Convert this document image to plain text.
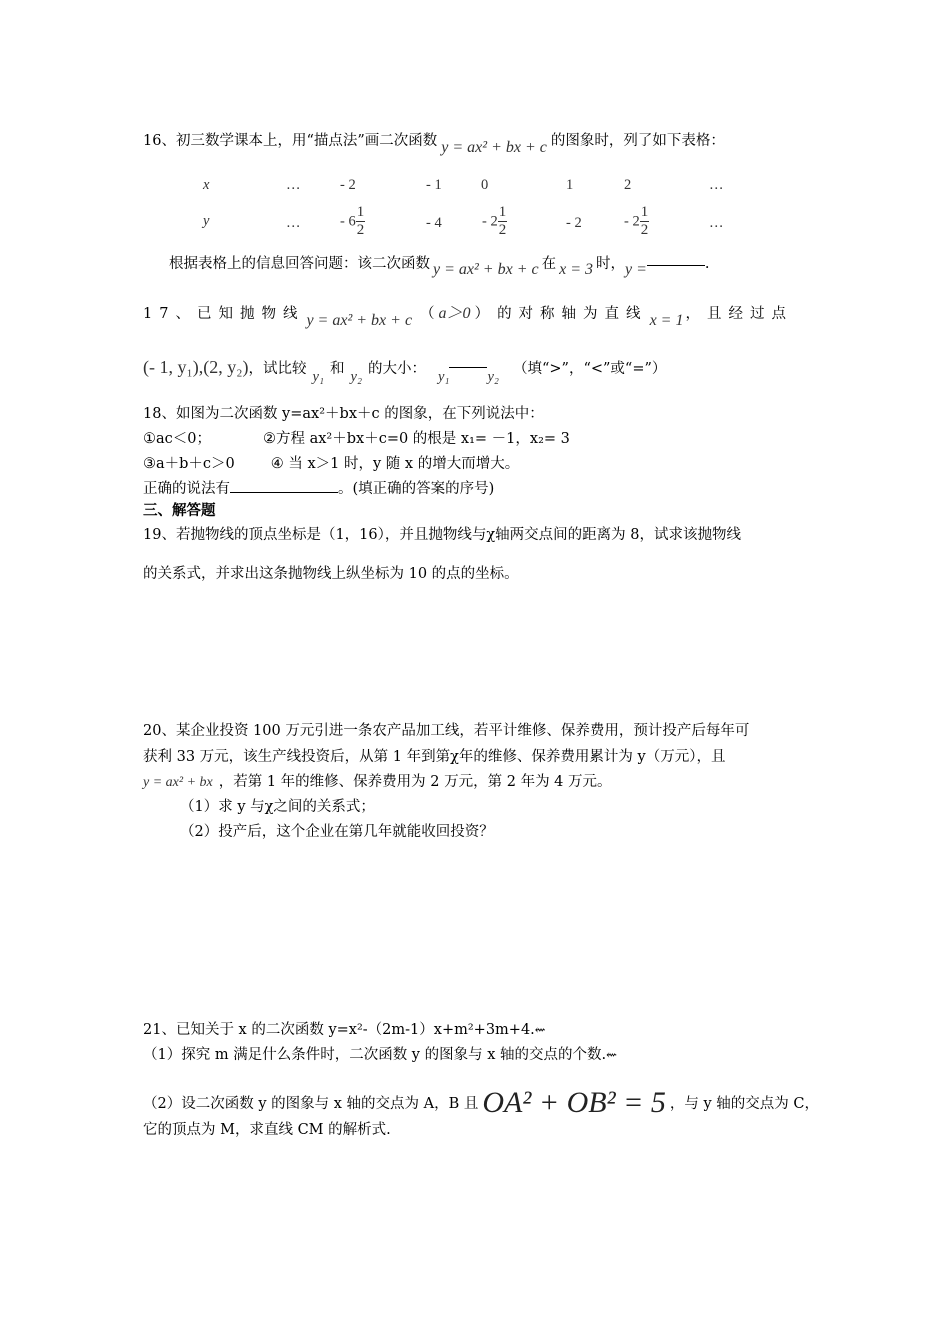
16、初三数学课本上，用“描点法”画二次函数 y = ax² + bx + c 的图象时，列了如下表格：
x	…	- 2	- 1	0	1	2	…
y	…	- $6 \frac{1}{2}$	- 4	- $2 \frac{1}{2}$	- 2	- $2 \frac{1}{2}$	…
根据表格上的信息回答问题：该二次函数 y = ax² + bx + c 在 x = 3 时，y =	.
17、已知抛物线 y = ax² + bx + c （ a＞0 ） 的对称轴为直线 x = 1 ，且经过点
(- 1, y₁),(2, y₂)，试比较 y₁ 和 y₂ 的大小： y₁	y₂ （填“>”，“<”或“=”）
18、如图为二次函数 y=ax²＋bx＋c 的图象，在下列说法中：
①ac＜0；	②方程 ax²＋bx＋c=0 的根是 x₁= －1，x₂= 3
③a＋b＋c＞0 ④ 当 x＞1 时，y 随 x 的增大而增大。
正确的说法有	。(填正确的答案的序号)
三、解答题
19、若抛物线的顶点坐标是（1，16），并且抛物线与χ轴两交点间的距离为 8，试求该抛物线
的关系式，并求出这条抛物线上纵坐标为 10 的点的坐标。
20、某企业投资 100 万元引进一条农产品加工线，若平计维修、保养费用，预计投产后每年可
获利 33 万元，该生产线投资后，从第 1 年到第χ年的维修、保养费用累计为 y（万元），且
y = ax² + bx ，若第 1 年的维修、保养费用为 2 万元，第 2 年为 4 万元。
（1）求 y 与χ之间的关系式；
（2）投产后，这个企业在第几年就能收回投资？
21、已知关于 x 的二次函数 y=x²-（2m-1）x+m²+3m+4.⇜
（1）探究 m 满足什么条件时，二次函数 y 的图象与 x 轴的交点的个数.⇜
（2）设二次函数 y 的图象与 x 轴的交点为 A，B 且 OA² + OB² = 5 ，与 y 轴的交点为 C，
它的顶点为 M，求直线 CM 的解析式.
